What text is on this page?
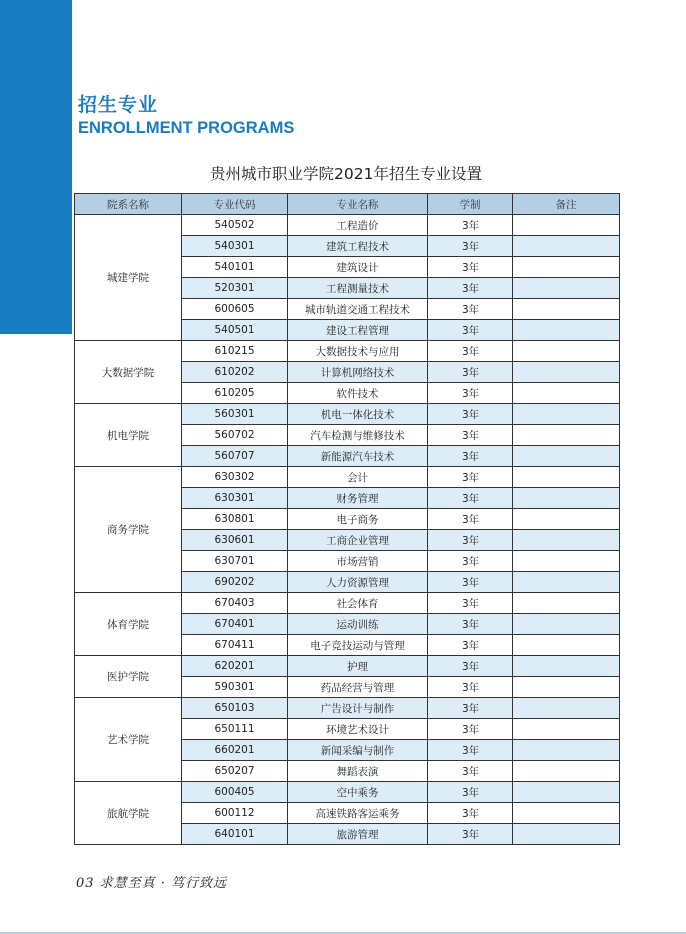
招生专业
ENROLLMENT PROGRAMS
贵州城市职业学院2021年招生专业设置
院系名称	专业代码	专业名称	学制	备注
城建学院	540502	工程造价	3年	
	540301	建筑工程技术	3年	
	540101	建筑设计	3年	
	520301	工程测量技术	3年	
	600605	城市轨道交通工程技术	3年	
	540501	建设工程管理	3年	
大数据学院	610215	大数据技术与应用	3年	
	610202	计算机网络技术	3年	
	610205	软件技术	3年	
机电学院	560301	机电一体化技术	3年	
	560702	汽车检测与维修技术	3年	
	560707	新能源汽车技术	3年	
商务学院	630302	会计	3年	
	630301	财务管理	3年	
	630801	电子商务	3年	
	630601	工商企业管理	3年	
	630701	市场营销	3年	
	690202	人力资源管理	3年	
体育学院	670403	社会体育	3年	
	670401	运动训练	3年	
	670411	电子竞技运动与管理	3年	
医护学院	620201	护理	3年	
	590301	药品经营与管理	3年	
艺术学院	650103	广告设计与制作	3年	
	650111	环境艺术设计	3年	
	660201	新闻采编与制作	3年	
	650207	舞蹈表演	3年	
旅航学院	600405	空中乘务	3年	
	600112	高速铁路客运乘务	3年	
	640101	旅游管理	3年	
03 求慧至真 · 笃行致远
